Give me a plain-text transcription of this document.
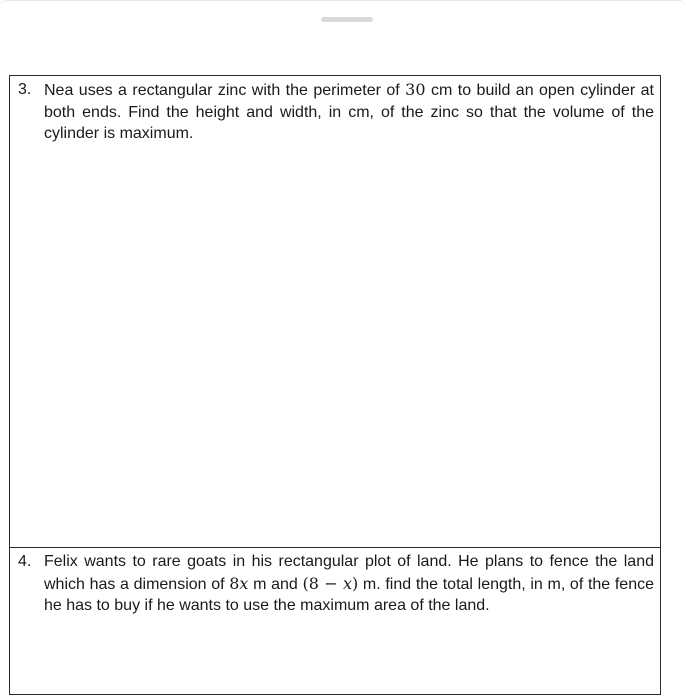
3. Nea uses a rectangular zinc with the perimeter of 30 cm to build an open cylinder at both ends. Find the height and width, in cm, of the zinc so that the volume of the cylinder is maximum.
4. Felix wants to rare goats in his rectangular plot of land. He plans to fence the land which has a dimension of 8x m and (8 − x) m. find the total length, in m, of the fence he has to buy if he wants to use the maximum area of the land.
